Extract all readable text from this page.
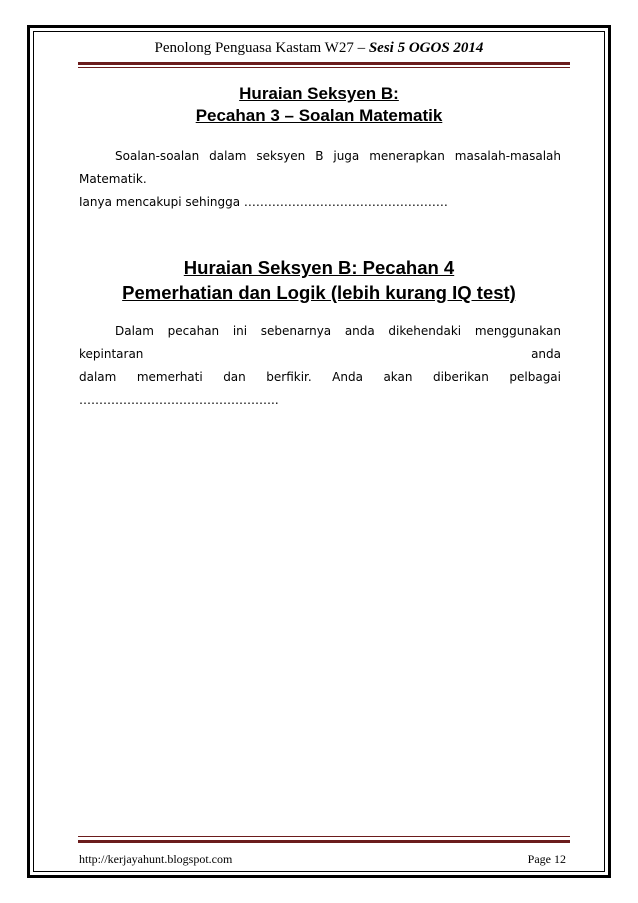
Penolong Penguasa Kastam W27 – Sesi 5 OGOS 2014
Huraian Seksyen B:
Pecahan 3 – Soalan Matematik
Soalan-soalan dalam seksyen B juga menerapkan masalah-masalah Matematik.
Ianya mencakupi sehingga ……………………………………………
Huraian Seksyen B: Pecahan 4
Pemerhatian dan Logik (lebih kurang IQ test)
Dalam pecahan ini sebenarnya anda dikehendaki menggunakan kepintaran anda
dalam memerhati dan berfikir. Anda akan diberikan pelbagai
…………………………………………..
http://kerjayahunt.blogspot.com	Page 12
